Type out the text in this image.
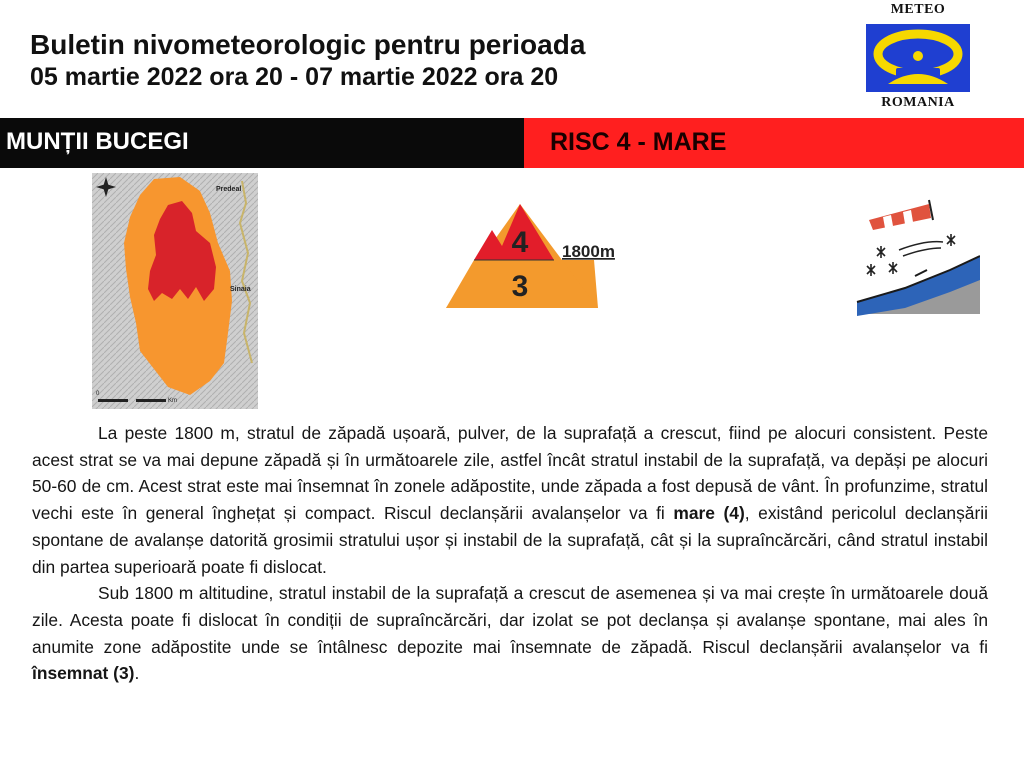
Buletin nivometeorologic pentru perioada
05 martie 2022 ora 20 - 07 martie 2022 ora 20
METEO
ROMANIA
MUNȚII BUCEGI	RISC 4 - MARE
Predeal
Sinaia
0
Km
4
3
1800m

La peste 1800 m, stratul de zăpadă ușoară, pulver, de la suprafață a crescut, fiind pe alocuri consistent. Peste acest strat se va mai depune zăpadă și în următoarele zile, astfel încât stratul instabil de la suprafață, va depăși pe alocuri 50-60 de cm. Acest strat este mai însemnat în zonele adăpostite, unde zăpada a fost depusă de vânt. În profunzime, stratul vechi este în general înghețat și compact. Riscul declanșării avalanșelor va fi mare (4), existând pericolul declanșării spontane de avalanșe datorită grosimii stratului ușor și instabil de la suprafață, cât și la supraîncărcări, când stratul instabil din partea superioară poate fi dislocat.

Sub 1800 m altitudine, stratul instabil de la suprafață a crescut de asemenea și va mai crește în următoarele două zile. Acesta poate fi dislocat în condiții de supraîncărcări, dar izolat se pot declanșa și avalanșe spontane, mai ales în anumite zone adăpostite unde se întâlnesc depozite mai însemnate de zăpadă. Riscul declanșării avalanșelor va fi însemnat (3).
